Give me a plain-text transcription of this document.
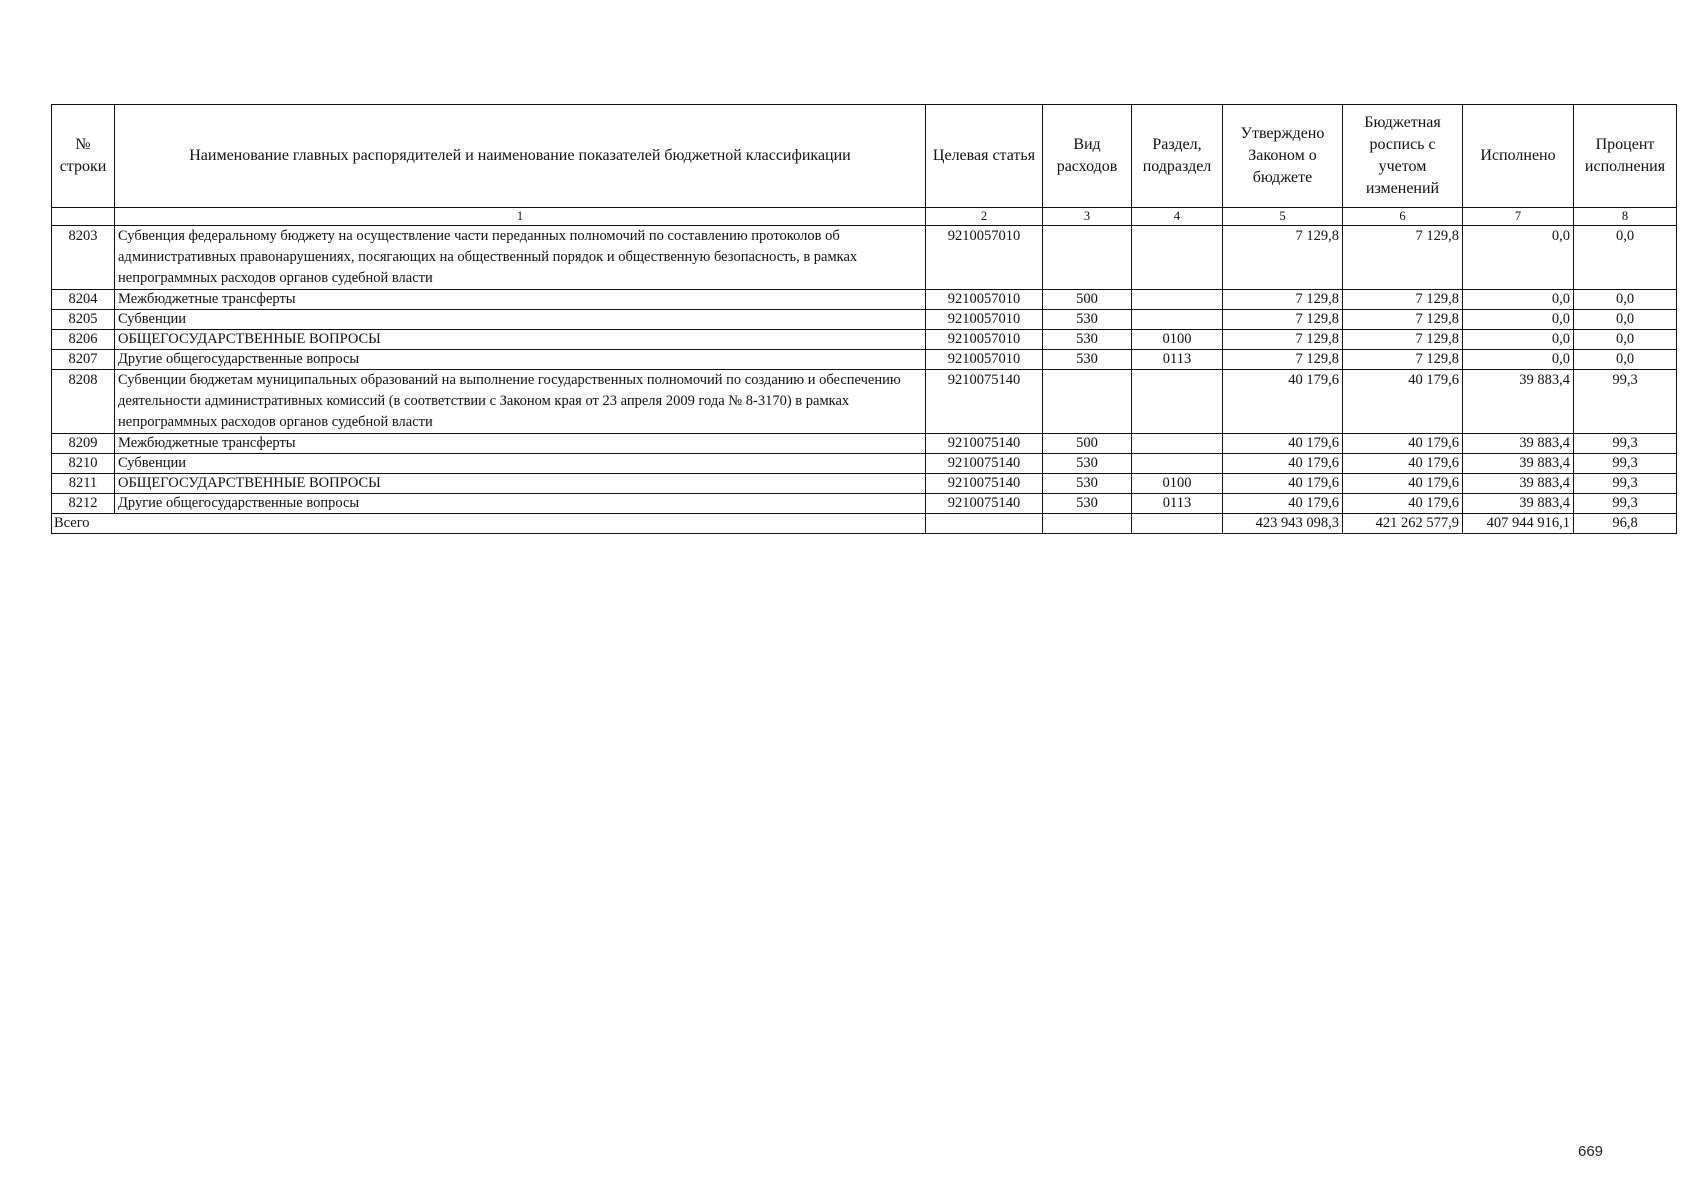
№ строки	Наименование главных распорядителей и наименование показателей бюджетной классификации	Целевая статья	Вид расходов	Раздел, подраздел	Утверждено Законом о бюджете	Бюджетная роспись с учетом изменений	Исполнено	Процент исполнения
	1	2	3	4	5	6	7	8
8203	Субвенция федеральному бюджету на осуществление части переданных полномочий по составлению протоколов об административных правонарушениях, посягающих на общественный порядок и общественную безопасность, в рамках непрограммных расходов органов судебной власти	9210057010			7 129,8	7 129,8	0,0	0,0
8204	Межбюджетные трансферты	9210057010	500		7 129,8	7 129,8	0,0	0,0
8205	Субвенции	9210057010	530		7 129,8	7 129,8	0,0	0,0
8206	ОБЩЕГОСУДАРСТВЕННЫЕ ВОПРОСЫ	9210057010	530	0100	7 129,8	7 129,8	0,0	0,0
8207	Другие общегосударственные вопросы	9210057010	530	0113	7 129,8	7 129,8	0,0	0,0
8208	Субвенции бюджетам муниципальных образований на выполнение государственных полномочий по созданию и обеспечению деятельности административных комиссий (в соответствии с Законом края от 23 апреля 2009 года № 8-3170) в рамках непрограммных расходов органов судебной власти	9210075140			40 179,6	40 179,6	39 883,4	99,3
8209	Межбюджетные трансферты	9210075140	500		40 179,6	40 179,6	39 883,4	99,3
8210	Субвенции	9210075140	530		40 179,6	40 179,6	39 883,4	99,3
8211	ОБЩЕГОСУДАРСТВЕННЫЕ ВОПРОСЫ	9210075140	530	0100	40 179,6	40 179,6	39 883,4	99,3
8212	Другие общегосударственные вопросы	9210075140	530	0113	40 179,6	40 179,6	39 883,4	99,3
Всего					423 943 098,3	421 262 577,9	407 944 916,1	96,8
669
